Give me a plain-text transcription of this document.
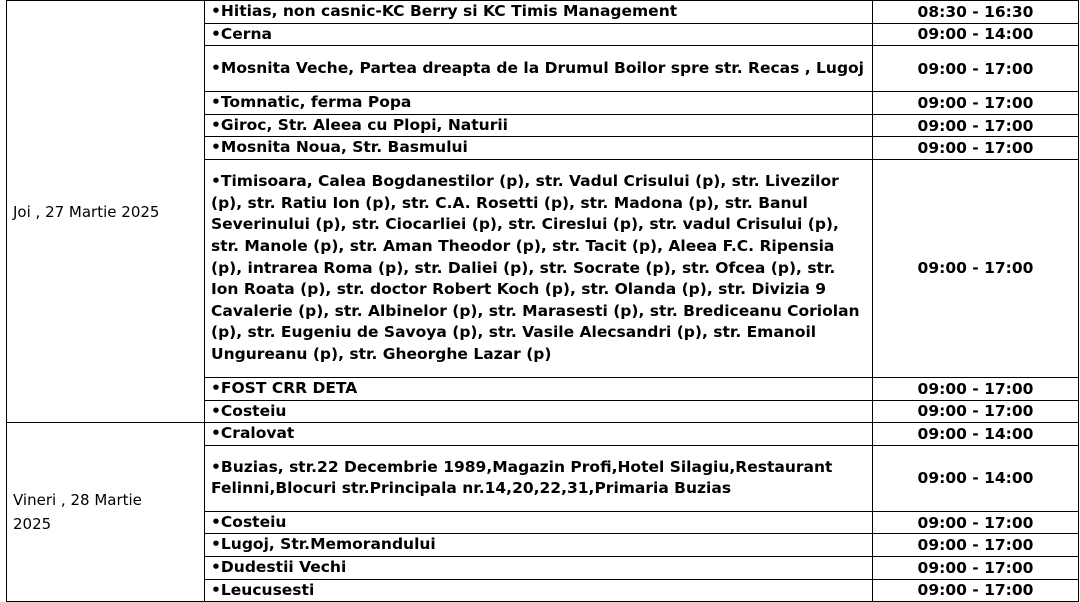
Joi , 27 Martie 2025	•Hitias, non casnic-KC Berry si KC Timis Management	08:30 - 16:30
	•Cerna	09:00 - 14:00
	•Mosnita Veche, Partea dreapta de la Drumul Boilor spre str. Recas , Lugoj	09:00 - 17:00
	•Tomnatic, ferma Popa	09:00 - 17:00
	•Giroc, Str. Aleea cu Plopi, Naturii	09:00 - 17:00
	•Mosnita Noua, Str. Basmului	09:00 - 17:00
	•Timisoara, Calea Bogdanestilor (p), str. Vadul Crisului (p), str. Livezilor (p), str. Ratiu Ion (p), str. C.A. Rosetti (p), str. Madona (p), str. Banul Severinului (p), str. Ciocarliei (p), str. Cireslui (p), str. vadul Crisului (p), str. Manole (p), str. Aman Theodor (p), str. Tacit (p), Aleea F.C. Ripensia (p), intrarea Roma (p), str. Daliei (p), str. Socrate (p), str. Ofcea (p), str. Ion Roata (p), str. doctor Robert Koch (p), str. Olanda (p), str. Divizia 9 Cavalerie (p), str. Albinelor (p), str. Marasesti (p), str. Brediceanu Coriolan (p), str. Eugeniu de Savoya (p), str. Vasile Alecsandri (p), str. Emanoil Ungureanu (p), str. Gheorghe Lazar (p)	09:00 - 17:00
	•FOST CRR DETA	09:00 - 17:00
	•Costeiu	09:00 - 17:00

Vineri , 28 Martie 2025	•Cralovat	09:00 - 14:00
	•Buzias, str.22 Decembrie 1989,Magazin Profi,Hotel Silagiu,Restaurant Felinni,Blocuri str.Principala nr.14,20,22,31,Primaria Buzias	09:00 - 14:00
	•Costeiu	09:00 - 17:00
	•Lugoj, Str.Memorandului	09:00 - 17:00
	•Dudestii Vechi	09:00 - 17:00
	•Leucusesti	09:00 - 17:00
